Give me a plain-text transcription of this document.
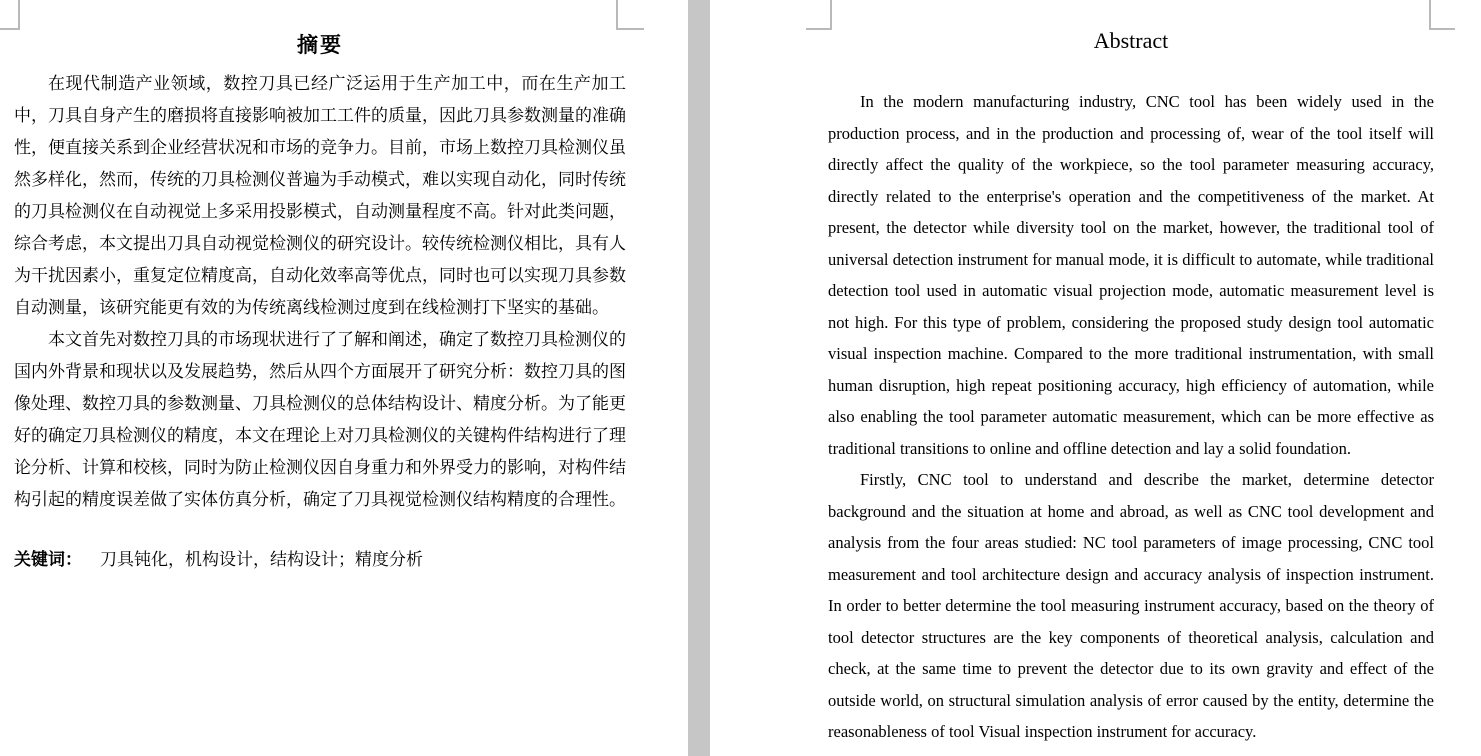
摘要

在现代制造产业领域，数控刀具已经广泛运用于生产加工中，而在生产加工中，刀具自身产生的磨损将直接影响被加工工件的质量，因此刀具参数测量的准确性，便直接关系到企业经营状况和市场的竞争力。目前，市场上数控刀具检测仪虽然多样化，然而，传统的刀具检测仪普遍为手动模式，难以实现自动化，同时传统的刀具检测仪在自动视觉上多采用投影模式，自动测量程度不高。针对此类问题，综合考虑，本文提出刀具自动视觉检测仪的研究设计。较传统检测仪相比，具有人为干扰因素小，重复定位精度高，自动化效率高等优点，同时也可以实现刀具参数自动测量，该研究能更有效的为传统离线检测过度到在线检测打下坚实的基础。

本文首先对数控刀具的市场现状进行了了解和阐述，确定了数控刀具检测仪的国内外背景和现状以及发展趋势，然后从四个方面展开了研究分析：数控刀具的图像处理、数控刀具的参数测量、刀具检测仪的总体结构设计、精度分析。为了能更好的确定刀具检测仪的精度，本文在理论上对刀具检测仪的关键构件结构进行了理论分析、计算和校核，同时为防止检测仪因自身重力和外界受力的影响，对构件结构引起的精度误差做了实体仿真分析，确定了刀具视觉检测仪结构精度的合理性。

关键词： 刀具钝化，机构设计，结构设计；精度分析

Abstract

In the modern manufacturing industry, CNC tool has been widely used in the production process, and in the production and processing of, wear of the tool itself will directly affect the quality of the workpiece, so the tool parameter measuring accuracy, directly related to the enterprise's operation and the competitiveness of the market. At present, the detector while diversity tool on the market, however, the traditional tool of universal detection instrument for manual mode, it is difficult to automate, while traditional detection tool used in automatic visual projection mode, automatic measurement level is not high. For this type of problem, considering the proposed study design tool automatic visual inspection machine. Compared to the more traditional instrumentation, with small human disruption, high repeat positioning accuracy, high efficiency of automation, while also enabling the tool parameter automatic measurement, which can be more effective as traditional transitions to online and offline detection and lay a solid foundation.

Firstly, CNC tool to understand and describe the market, determine detector background and the situation at home and abroad, as well as CNC tool development and analysis from the four areas studied: NC tool parameters of image processing, CNC tool measurement and tool architecture design and accuracy analysis of inspection instrument. In order to better determine the tool measuring instrument accuracy, based on the theory of tool detector structures are the key components of theoretical analysis, calculation and check, at the same time to prevent the detector due to its own gravity and effect of the outside world, on structural simulation analysis of error caused by the entity, determine the reasonableness of tool Visual inspection instrument for accuracy.
